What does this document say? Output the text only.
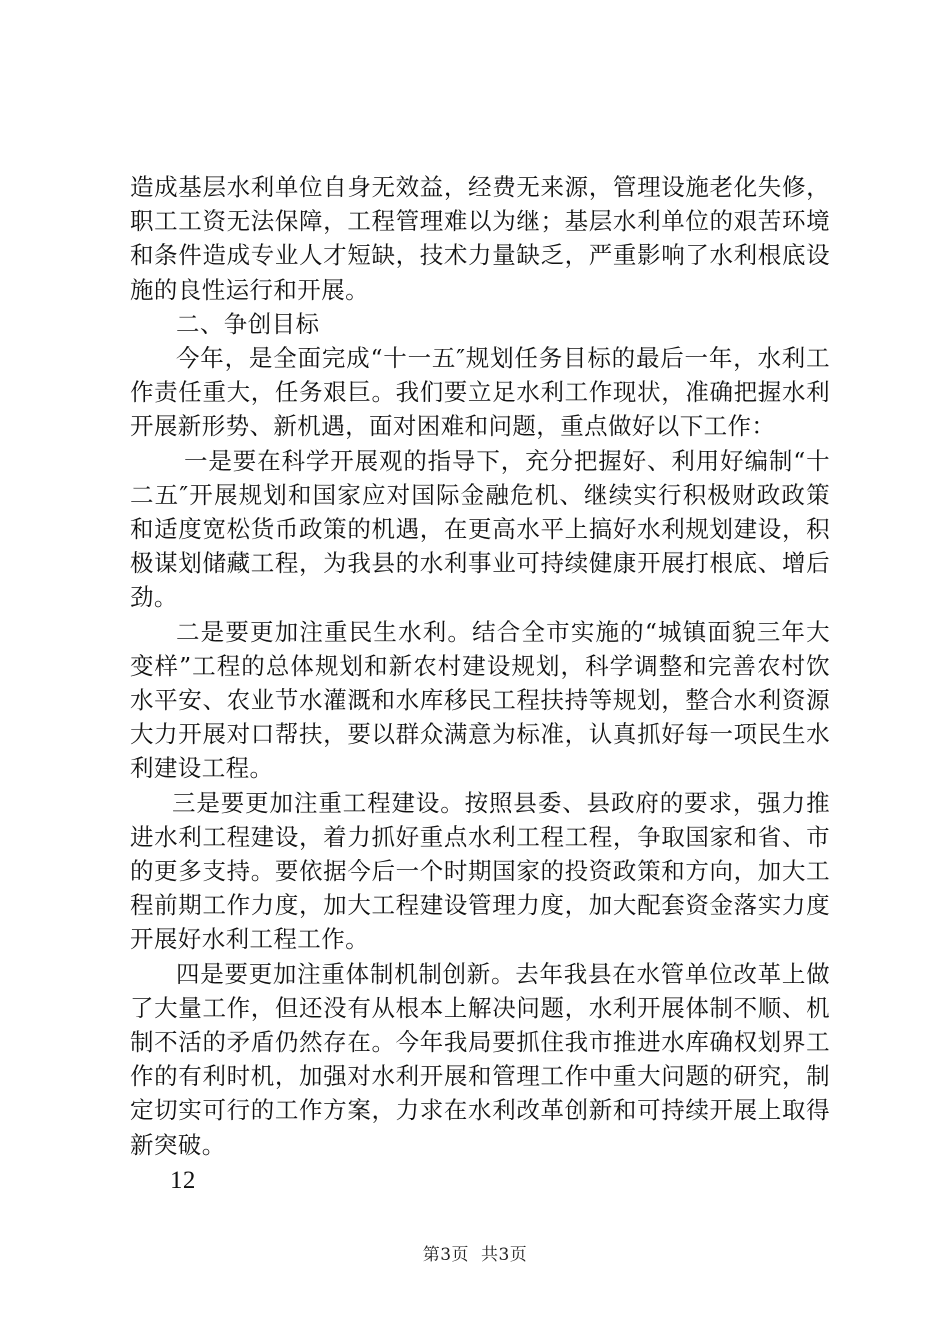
造成基层水利单位自身无效益，经费无来源，管理设施老化失修，职工工资无法保障，工程管理难以为继；基层水利单位的艰苦环境和条件造成专业人才短缺，技术力量缺乏，严重影响了水利根底设施的良性运行和开展。

二、争创目标

今年，是全面完成“十一五″规划任务目标的最后一年，水利工作责任重大，任务艰巨。我们要立足水利工作现状，准确把握水利开展新形势、新机遇，面对困难和问题，重点做好以下工作：

一是要在科学开展观的指导下，充分把握好、利用好编制“十二五″开展规划和国家应对国际金融危机、继续实行积极财政政策和适度宽松货币政策的机遇，在更高水平上搞好水利规划建设，积极谋划储藏工程，为我县的水利事业可持续健康开展打根底、增后劲。

二是要更加注重民生水利。结合全市实施的“城镇面貌三年大变样”工程的总体规划和新农村建设规划，科学调整和完善农村饮水平安、农业节水灌溉和水库移民工程扶持等规划，整合水利资源大力开展对口帮扶，要以群众满意为标准，认真抓好每一项民生水利建设工程。

三是要更加注重工程建设。按照县委、县政府的要求，强力推进水利工程建设，着力抓好重点水利工程工程，争取国家和省、市的更多支持。要依据今后一个时期国家的投资政策和方向，加大工程前期工作力度，加大工程建设管理力度，加大配套资金落实力度开展好水利工程工作。

四是要更加注重体制机制创新。去年我县在水管单位改革上做了大量工作，但还没有从根本上解决问题，水利开展体制不顺、机制不活的矛盾仍然存在。今年我局要抓住我市推进水库确权划界工作的有利时机，加强对水利开展和管理工作中重大问题的研究，制定切实可行的工作方案，力求在水利改革创新和可持续开展上取得新突破。

12

第3页 共3页
